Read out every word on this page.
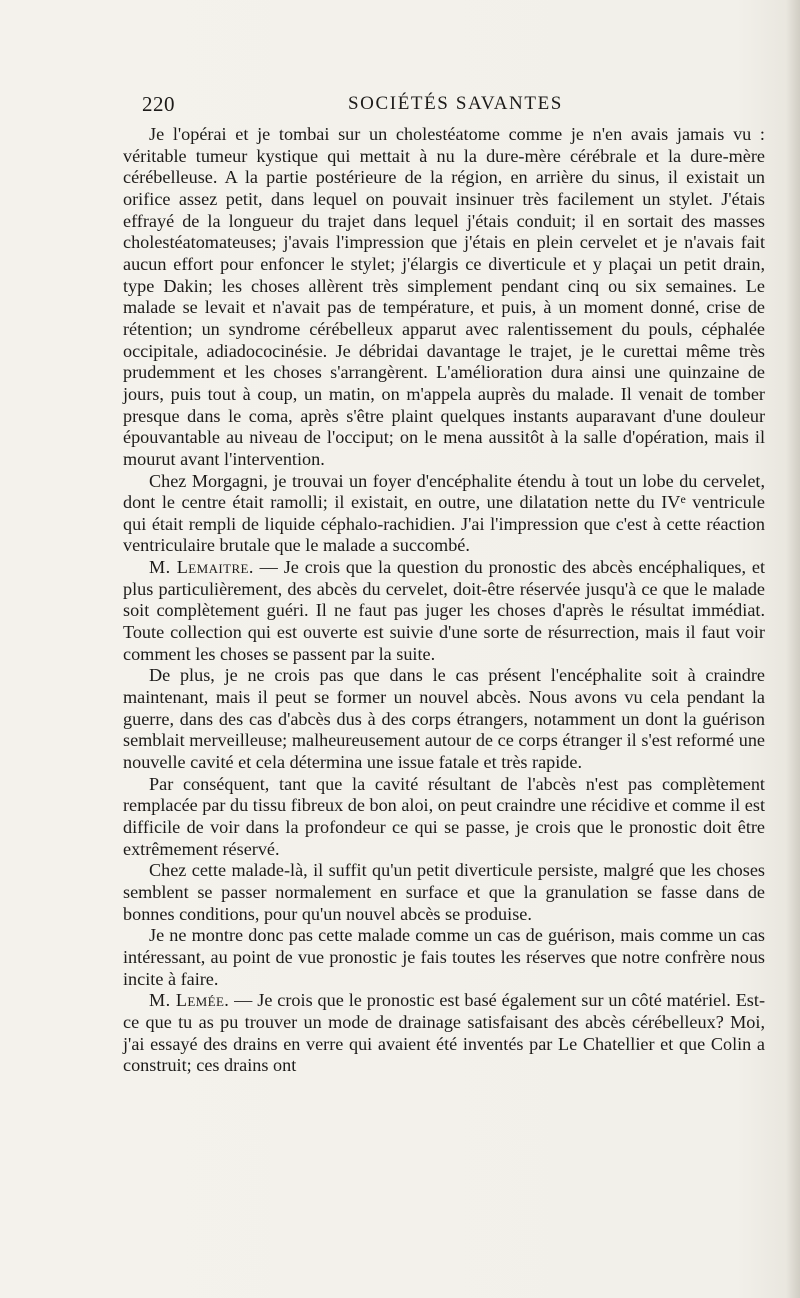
220	SOCIÉTÉS SAVANTES

Je l'opérai et je tombai sur un cholestéatome comme je n'en avais jamais vu : véritable tumeur kystique qui mettait à nu la dure-mère cérébrale et la dure-mère cérébelleuse. A la partie postérieure de la région, en arrière du sinus, il existait un orifice assez petit, dans lequel on pouvait insinuer très facilement un stylet. J'étais effrayé de la longueur du trajet dans lequel j'étais conduit; il en sortait des masses cholestéatomateuses; j'avais l'impression que j'étais en plein cervelet et je n'avais fait aucun effort pour enfoncer le stylet; j'élargis ce diverticule et y plaçai un petit drain, type Dakin; les choses allèrent très simplement pendant cinq ou six semaines. Le malade se levait et n'avait pas de température, et puis, à un moment donné, crise de rétention; un syndrome cérébelleux apparut avec ralentissement du pouls, céphalée occipitale, adiadococinésie. Je débridai davantage le trajet, je le curettai même très prudemment et les choses s'arrangèrent. L'amélioration dura ainsi une quinzaine de jours, puis tout à coup, un matin, on m'appela auprès du malade. Il venait de tomber presque dans le coma, après s'être plaint quelques instants auparavant d'une douleur épouvantable au niveau de l'occiput; on le mena aussitôt à la salle d'opération, mais il mourut avant l'intervention.

Chez Morgagni, je trouvai un foyer d'encéphalite étendu à tout un lobe du cervelet, dont le centre était ramolli; il existait, en outre, une dilatation nette du IVe ventricule qui était rempli de liquide céphalo-rachidien. J'ai l'impression que c'est à cette réaction ventriculaire brutale que le malade a succombé.

M. Lemaitre. — Je crois que la question du pronostic des abcès encéphaliques, et plus particulièrement, des abcès du cervelet, doit-être réservée jusqu'à ce que le malade soit complètement guéri. Il ne faut pas juger les choses d'après le résultat immédiat. Toute collection qui est ouverte est suivie d'une sorte de résurrection, mais il faut voir comment les choses se passent par la suite.

De plus, je ne crois pas que dans le cas présent l'encéphalite soit à craindre maintenant, mais il peut se former un nouvel abcès. Nous avons vu cela pendant la guerre, dans des cas d'abcès dus à des corps étrangers, notamment un dont la guérison semblait merveilleuse; malheureusement autour de ce corps étranger il s'est reformé une nouvelle cavité et cela détermina une issue fatale et très rapide.

Par conséquent, tant que la cavité résultant de l'abcès n'est pas complètement remplacée par du tissu fibreux de bon aloi, on peut craindre une récidive et comme il est difficile de voir dans la profondeur ce qui se passe, je crois que le pronostic doit être extrêmement réservé.

Chez cette malade-là, il suffit qu'un petit diverticule persiste, malgré que les choses semblent se passer normalement en surface et que la granulation se fasse dans de bonnes conditions, pour qu'un nouvel abcès se produise.

Je ne montre donc pas cette malade comme un cas de guérison, mais comme un cas intéressant, au point de vue pronostic je fais toutes les réserves que notre confrère nous incite à faire.

M. Lemée. — Je crois que le pronostic est basé également sur un côté matériel. Est-ce que tu as pu trouver un mode de drainage satisfaisant des abcès cérébelleux? Moi, j'ai essayé des drains en verre qui avaient été inventés par Le Chatellier et que Colin a construit; ces drains ont
